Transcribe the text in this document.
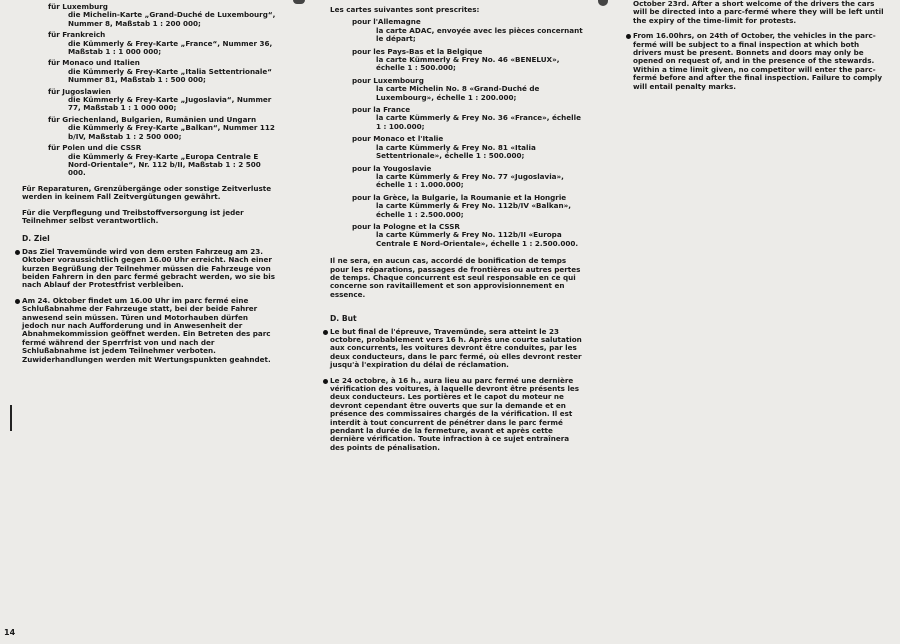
für Luxemburg
die Michelin-Karte „Grand-Duché de Luxembourg“, Nummer 8, Maßstab 1 : 200 000;
für Frankreich
die Kümmerly & Frey-Karte „France“, Nummer 36, Maßstab 1 : 1 000 000;
für Monaco und Italien
die Kümmerly & Frey-Karte „Italia Settentrionale“ Nummer 81, Maßstab 1 : 500 000;
für Jugoslawien
die Kümmerly & Frey-Karte „Jugoslavia“, Nummer 77, Maßstab 1 : 1 000 000;
für Griechenland, Bulgarien, Rumänien und Ungarn
die Kümmerly & Frey-Karte „Balkan“, Nummer 112 b/IV, Maßstab 1 : 2 500 000;
für Polen und die CSSR
die Kümmerly & Frey-Karte „Europa Centrale E Nord-Orientale“, Nr. 112 b/II, Maßstab 1 : 2 500 000.
Für Reparaturen, Grenzübergänge oder sonstige Zeitverluste werden in keinem Fall Zeitvergütungen gewährt.
Für die Verpflegung und Treibstoffversorgung ist jeder Teilnehmer selbst verantwortlich.
D. Ziel
Das Ziel Travemünde wird von dem ersten Fahrzeug am 23. Oktober voraussichtlich gegen 16.00 Uhr erreicht. Nach einer kurzen Begrüßung der Teilnehmer müssen die Fahrzeuge von beiden Fahrern in den parc fermé gebracht werden, wo sie bis nach Ablauf der Protestfrist verbleiben.
Am 24. Oktober findet um 16.00 Uhr im parc fermé eine Schlußabnahme der Fahrzeuge statt, bei der beide Fahrer anwesend sein müssen. Türen und Motorhauben dürfen jedoch nur nach Aufforderung und in Anwesenheit der Abnahmekommission geöffnet werden. Ein Betreten des parc fermé während der Sperrfrist von und nach der Schlußabnahme ist jedem Teilnehmer verboten. Zuwiderhandlungen werden mit Wertungspunkten geahndet.
Les cartes suivantes sont prescrites:
pour l'Allemagne
la carte ADAC, envoyée avec les pièces concernant le départ;
pour les Pays-Bas et la Belgique
la carte Kümmerly & Frey No. 46 «BENELUX», échelle 1 : 500.000;
pour Luxembourg
la carte Michelin No. 8 «Grand-Duché de Luxembourg», échelle 1 : 200.000;
pour la France
la carte Kümmerly & Frey No. 36 «France», échelle 1 : 100.000;
pour Monaco et l'Italie
la carte Kümmerly & Frey No. 81 «Italia Settentrionale», échelle 1 : 500.000;
pour la Yougoslavie
la carte Kümmerly & Frey No. 77 «Jugoslavia», échelle 1 : 1.000.000;
pour la Grèce, la Bulgarie, la Roumanie et la Hongrie
la carte Kümmerly & Frey No. 112b/IV «Balkan», échelle 1 : 2.500.000;
pour la Pologne et la CSSR
la carte Kümmerly & Frey No. 112b/II «Europa Centrale E Nord-Orientale», échelle 1 : 2.500.000.
Il ne sera, en aucun cas, accordé de bonification de temps pour les réparations, passages de frontières ou autres pertes de temps. Chaque concurrent est seul responsable en ce qui concerne son ravitaillement et son approvisionnement en essence.
D. But
Le but final de l'épreuve, Travemünde, sera atteint le 23 octobre, probablement vers 16 h. Après une courte salutation aux concurrents, les voitures devront être conduites, par les deux conducteurs, dans le parc fermé, où elles devront rester jusqu'à l'expiration du délai de réclamation.
Le 24 octobre, à 16 h., aura lieu au parc fermé une dernière vérification des voitures, à laquelle devront être présents les deux conducteurs. Les portières et le capot du moteur ne devront cependant être ouverts que sur la demande et en présence des commissaires chargés de la vérification. Il est interdit à tout concurrent de pénétrer dans le parc fermé pendant la durée de la fermeture, avant et après cette dernière vérification. Toute infraction à ce sujet entraînera des points de pénalisation.
October 23rd. After a short welcome of the drivers the cars will be directed into a parc-fermé where they will be left until the expiry of the time-limit for protests.
From 16.00hrs, on 24th of October, the vehicles in the parc-fermé will be subject to a final inspection at which both drivers must be present. Bonnets and doors may only be opened on request of, and in the presence of the stewards. Within a time limit given, no competitor will enter the parc-fermé before and after the final inspection. Failure to comply will entail penalty marks.
14
